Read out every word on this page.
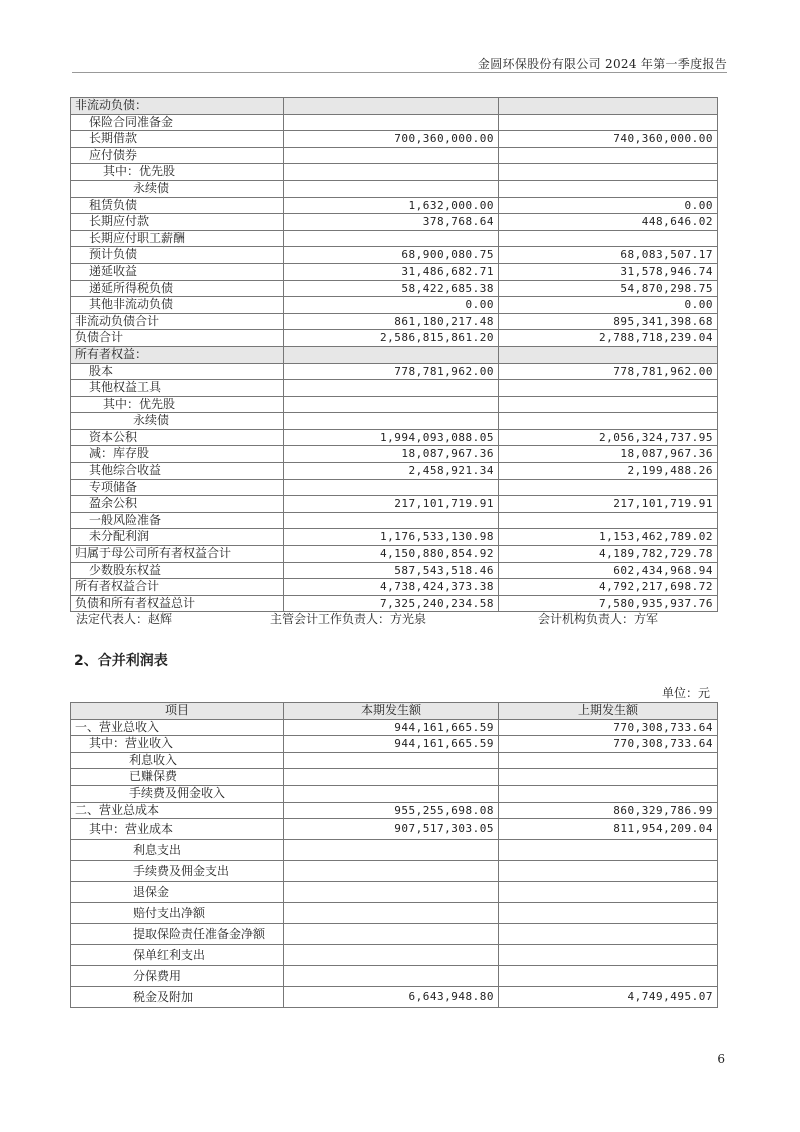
金圆环保股份有限公司 2024 年第一季度报告
非流动负债：		
保险合同准备金		
长期借款	700,360,000.00	740,360,000.00
应付债券		
其中：优先股		
永续债		
租赁负债	1,632,000.00	0.00
长期应付款	378,768.64	448,646.02
长期应付职工薪酬		
预计负债	68,900,080.75	68,083,507.17
递延收益	31,486,682.71	31,578,946.74
递延所得税负债	58,422,685.38	54,870,298.75
其他非流动负债	0.00	0.00
非流动负债合计	861,180,217.48	895,341,398.68
负债合计	2,586,815,861.20	2,788,718,239.04
所有者权益：		
股本	778,781,962.00	778,781,962.00
其他权益工具		
其中：优先股		
永续债		
资本公积	1,994,093,088.05	2,056,324,737.95
减：库存股	18,087,967.36	18,087,967.36
其他综合收益	2,458,921.34	2,199,488.26
专项储备		
盈余公积	217,101,719.91	217,101,719.91
一般风险准备		
未分配利润	1,176,533,130.98	1,153,462,789.02
归属于母公司所有者权益合计	4,150,880,854.92	4,189,782,729.78
少数股东权益	587,543,518.46	602,434,968.94
所有者权益合计	4,738,424,373.38	4,792,217,698.72
负债和所有者权益总计	7,325,240,234.58	7,580,935,937.76
法定代表人：赵辉	主管会计工作负责人：方光泉	会计机构负责人：方军
2、合并利润表
单位：元
项目	本期发生额	上期发生额
一、营业总收入	944,161,665.59	770,308,733.64
其中：营业收入	944,161,665.59	770,308,733.64
利息收入		
已赚保费		
手续费及佣金收入		
二、营业总成本	955,255,698.08	860,329,786.99
其中：营业成本	907,517,303.05	811,954,209.04
利息支出		
手续费及佣金支出		
退保金		
赔付支出净额		
提取保险责任准备金净额		
保单红利支出		
分保费用		
税金及附加	6,643,948.80	4,749,495.07
6
